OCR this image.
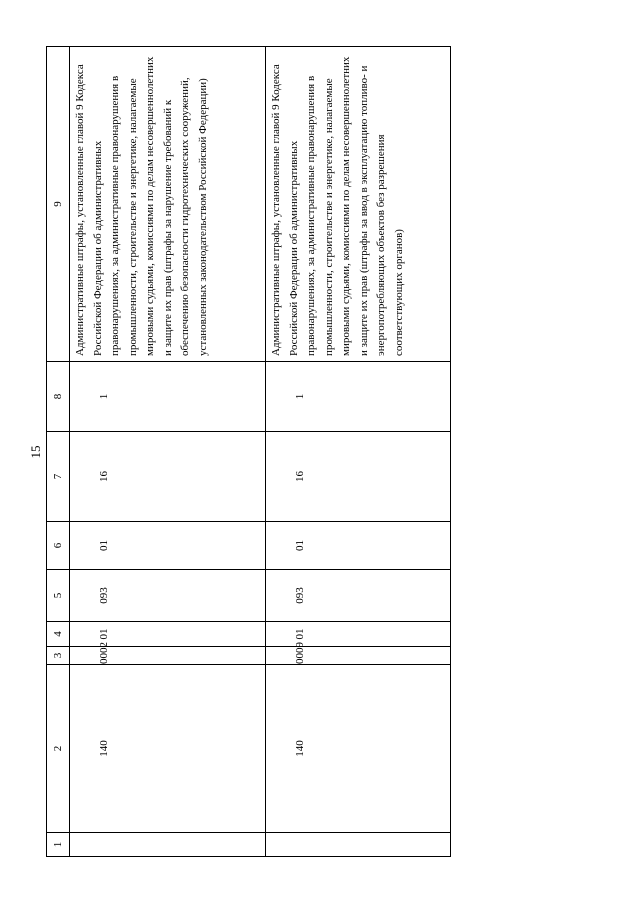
15
1	2	3	4	5	6	7	8	9
	140	0002	01	093	01	16	1	Административные штрафы, установленные главой 9 Кодекса Российской Федерации об административных правонарушениях, за административные правонарушения в промышленности, строительстве и энергетике, налагаемые мировыми судьями, комиссиями по делам несовершеннолетних и защите их прав (штрафы за нарушение требований к обеспечению безопасности гидротехнических сооружений, установленных законодательством Российской Федерации)
	140	0009	01	093	01	16	1	Административные штрафы, установленные главой 9 Кодекса Российской Федерации об административных правонарушениях, за административные правонарушения в промышленности, строительстве и энергетике, налагаемые мировыми судьями, комиссиями по делам несовершеннолетних и защите их прав (штрафы за ввод в эксплуатацию топливо- и энергопотребляющих объектов без разрешения соответствующих органов)
